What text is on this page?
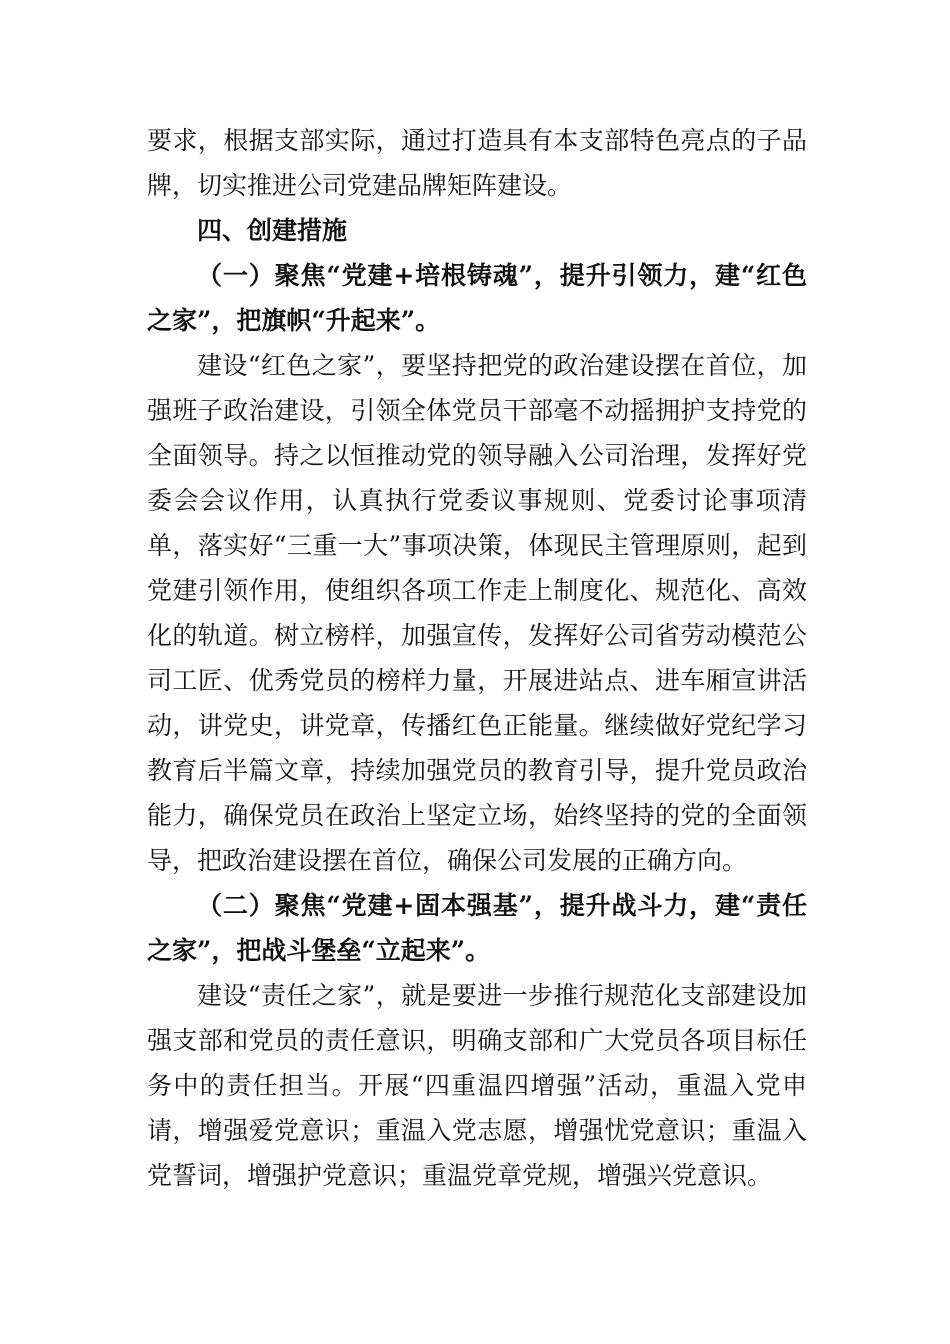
要求，根据支部实际，通过打造具有本支部特色亮点的子品牌，切实推进公司党建品牌矩阵建设。

四、创建措施

（一）聚焦“党建+培根铸魂”，提升引领力，建“红色之家”，把旗帜“升起来”。

建设“红色之家”，要坚持把党的政治建设摆在首位，加强班子政治建设，引领全体党员干部毫不动摇拥护支持党的全面领导。持之以恒推动党的领导融入公司治理，发挥好党委会会议作用，认真执行党委议事规则、党委讨论事项清单，落实好“三重一大”事项决策，体现民主管理原则，起到党建引领作用，使组织各项工作走上制度化、规范化、高效化的轨道。树立榜样，加强宣传，发挥好公司省劳动模范公司工匠、优秀党员的榜样力量，开展进站点、进车厢宣讲活动，讲党史，讲党章，传播红色正能量。继续做好党纪学习教育后半篇文章，持续加强党员的教育引导，提升党员政治能力，确保党员在政治上坚定立场，始终坚持的党的全面领导，把政治建设摆在首位，确保公司发展的正确方向。

（二）聚焦“党建+固本强基”，提升战斗力，建“责任之家”，把战斗堡垒“立起来”。

建设“责任之家”，就是要进一步推行规范化支部建设加强支部和党员的责任意识，明确支部和广大党员各项目标任务中的责任担当。开展“四重温四增强”活动，重温入党申请，增强爱党意识；重温入党志愿，增强忧党意识；重温入党誓词，增强护党意识；重温党章党规，增强兴党意识。
